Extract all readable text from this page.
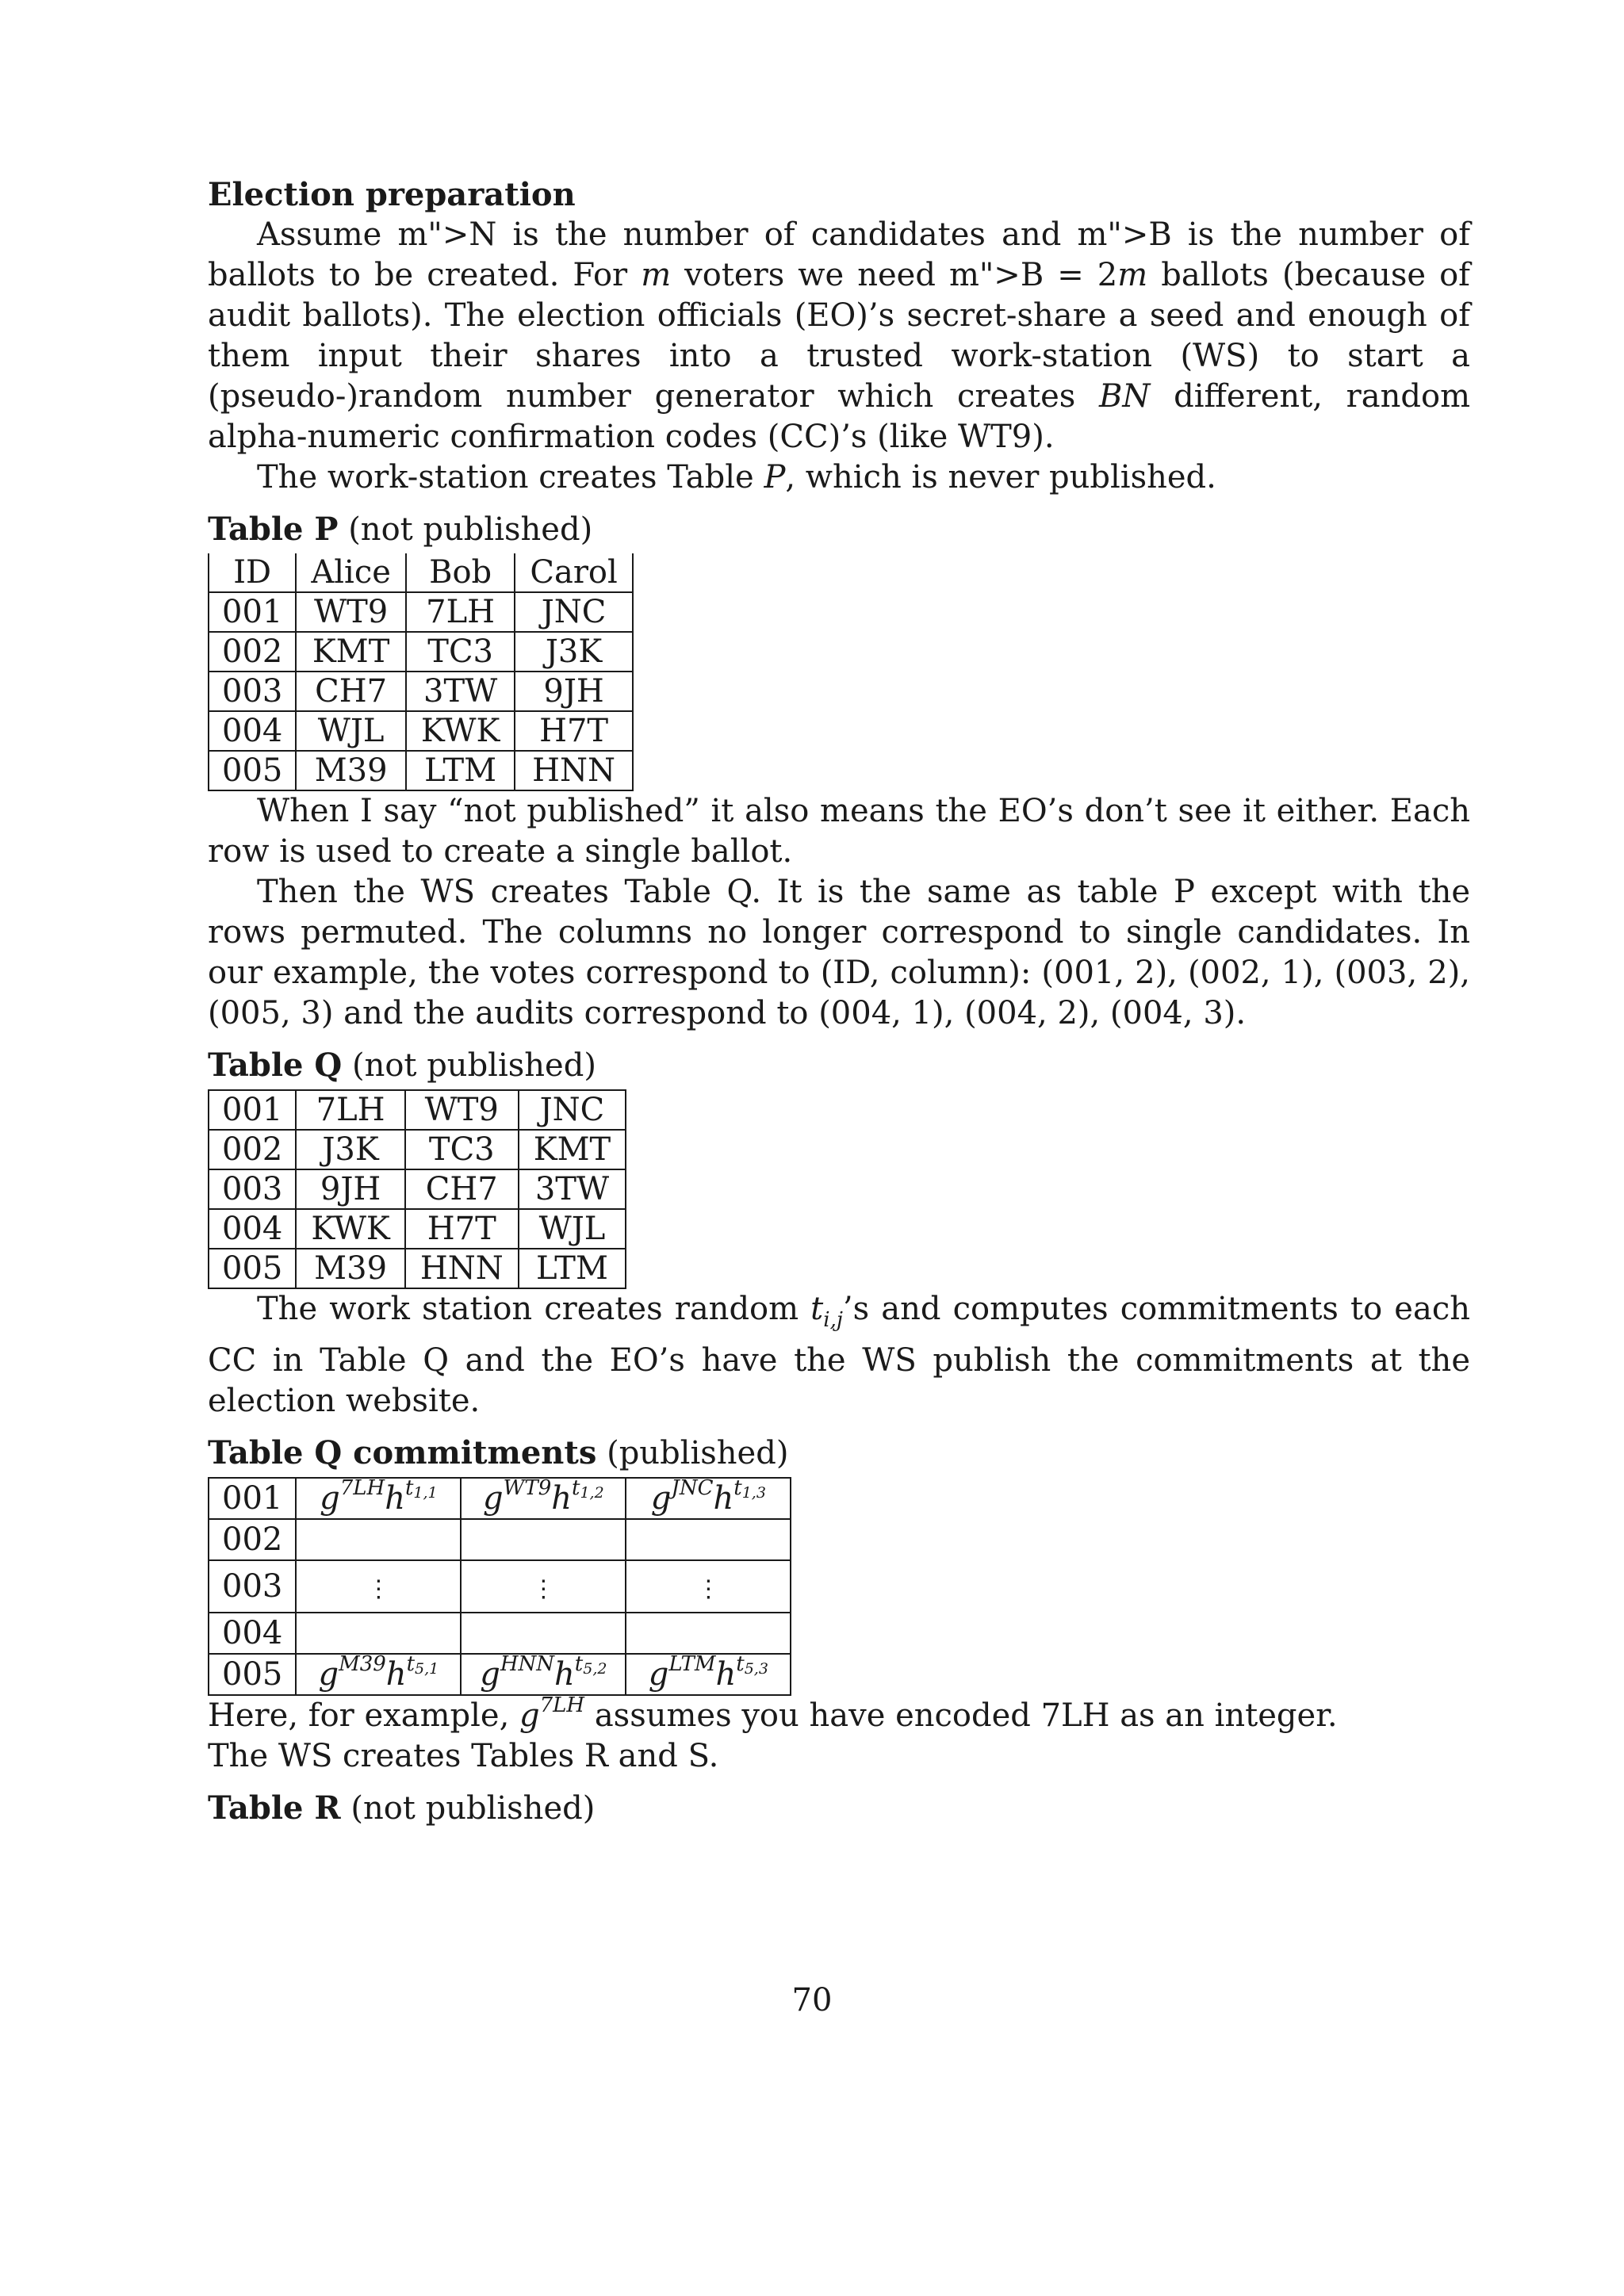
Election preparation

Assume m">N is the number of candidates and m">B is the number of ballots to be created. For m voters we need m">B = 2m ballots (because of audit ballots). The election officials (EO)’s secret-share a seed and enough of them input their shares into a trusted work-station (WS) to start a (pseudo-)random number generator which creates BN different, random alpha-numeric confirmation codes (CC)’s (like WT9).

The work-station creates Table P, which is never published.

Table P (not published)
ID	Alice	Bob	Carol
001	WT9	7LH	JNC
002	KMT	TC3	J3K
003	CH7	3TW	9JH
004	WJL	KWK	H7T
005	M39	LTM	HNN

When I say “not published” it also means the EO’s don’t see it either. Each row is used to create a single ballot.

Then the WS creates Table Q. It is the same as table P except with the rows permuted. The columns no longer correspond to single candidates. In our example, the votes correspond to (ID, column): (001, 2), (002, 1), (003, 2), (005, 3) and the audits correspond to (004, 1), (004, 2), (004, 3).

Table Q (not published)
001	7LH	WT9	JNC
002	J3K	TC3	KMT
003	9JH	CH7	3TW
004	KWK	H7T	WJL
005	M39	HNN	LTM

The work station creates random $t_{i,j}’s$ and computes commitments to each CC in Table Q and the EO’s have the WS publish the commitments at the election website.

Table Q commitments (published)
001	$g^{7LH}h^{t_{1,1}}$	$g^{WT9}h^{t_{1,2}}$	$g^{JNC}h^{t_{1,3}}$
002			
003	⋮	⋮	⋮
004			
005	$g^{M39}h^{t_{5,1}}$	$g^{HNN}h^{t_{5,2}}$	$g^{LTM}h^{t_{5,3}}$

Here, for example, $g^{7LH}$ assumes you have encoded 7LH as an integer.

The WS creates Tables R and S.

Table R (not published)
70
